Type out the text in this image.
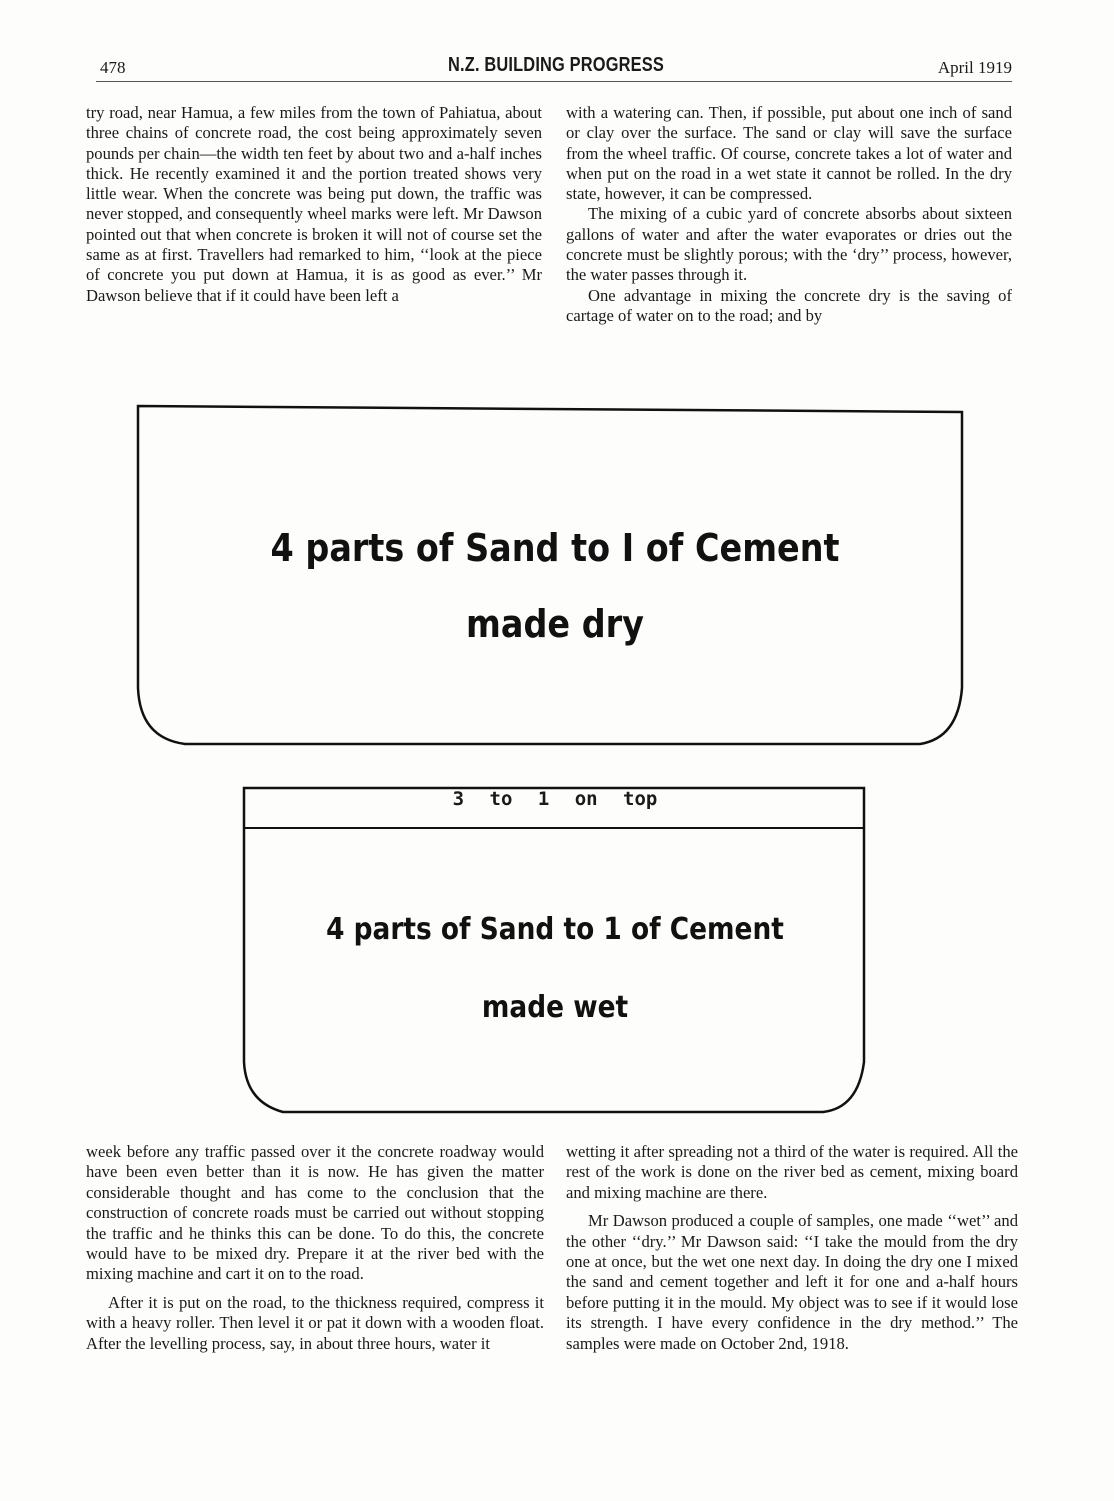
478	N.Z. BUILDING PROGRESS	April 1919

try road, near Hamua, a few miles from the town of Pahiatua, about three chains of concrete road, the cost being approximately seven pounds per chain—the width ten feet by about two and a-half inches thick. He recently examined it and the portion treated shows very little wear. When the concrete was being put down, the traffic was never stopped, and consequently wheel marks were left. Mr Dawson pointed out that when concrete is broken it will not of course set the same as at first. Travellers had remarked to him, ‘‘look at the piece of concrete you put down at Hamua, it is as good as ever.’’ Mr Dawson believe that if it could have been left a

with a watering can. Then, if possible, put about one inch of sand or clay over the surface. The sand or clay will save the surface from the wheel traffic. Of course, concrete takes a lot of water and when put on the road in a wet state it cannot be rolled. In the dry state, however, it can be compressed.

The mixing of a cubic yard of concrete absorbs about sixteen gallons of water and after the water evaporates or dries out the concrete must be slightly porous; with the ‘dry’’ process, however, the water passes through it.

One advantage in mixing the concrete dry is the saving of cartage of water on to the road; and by

4 parts of Sand to I of Cement
made dry
3 to 1 on top
4 parts of Sand to 1 of Cement
made wet

week before any traffic passed over it the concrete roadway would have been even better than it is now. He has given the matter considerable thought and has come to the conclusion that the construction of concrete roads must be carried out without stopping the traffic and he thinks this can be done. To do this, the concrete would have to be mixed dry. Prepare it at the river bed with the mixing machine and cart it on to the road.

After it is put on the road, to the thickness required, compress it with a heavy roller. Then level it or pat it down with a wooden float. After the levelling process, say, in about three hours, water it

wetting it after spreading not a third of the water is required. All the rest of the work is done on the river bed as cement, mixing board and mixing machine are there.

Mr Dawson produced a couple of samples, one made ‘‘wet’’ and the other ‘‘dry.’’ Mr Dawson said: ‘‘I take the mould from the dry one at once, but the wet one next day. In doing the dry one I mixed the sand and cement together and left it for one and a-half hours before putting it in the mould. My object was to see if it would lose its strength. I have every confidence in the dry method.’’ The samples were made on October 2nd, 1918.
